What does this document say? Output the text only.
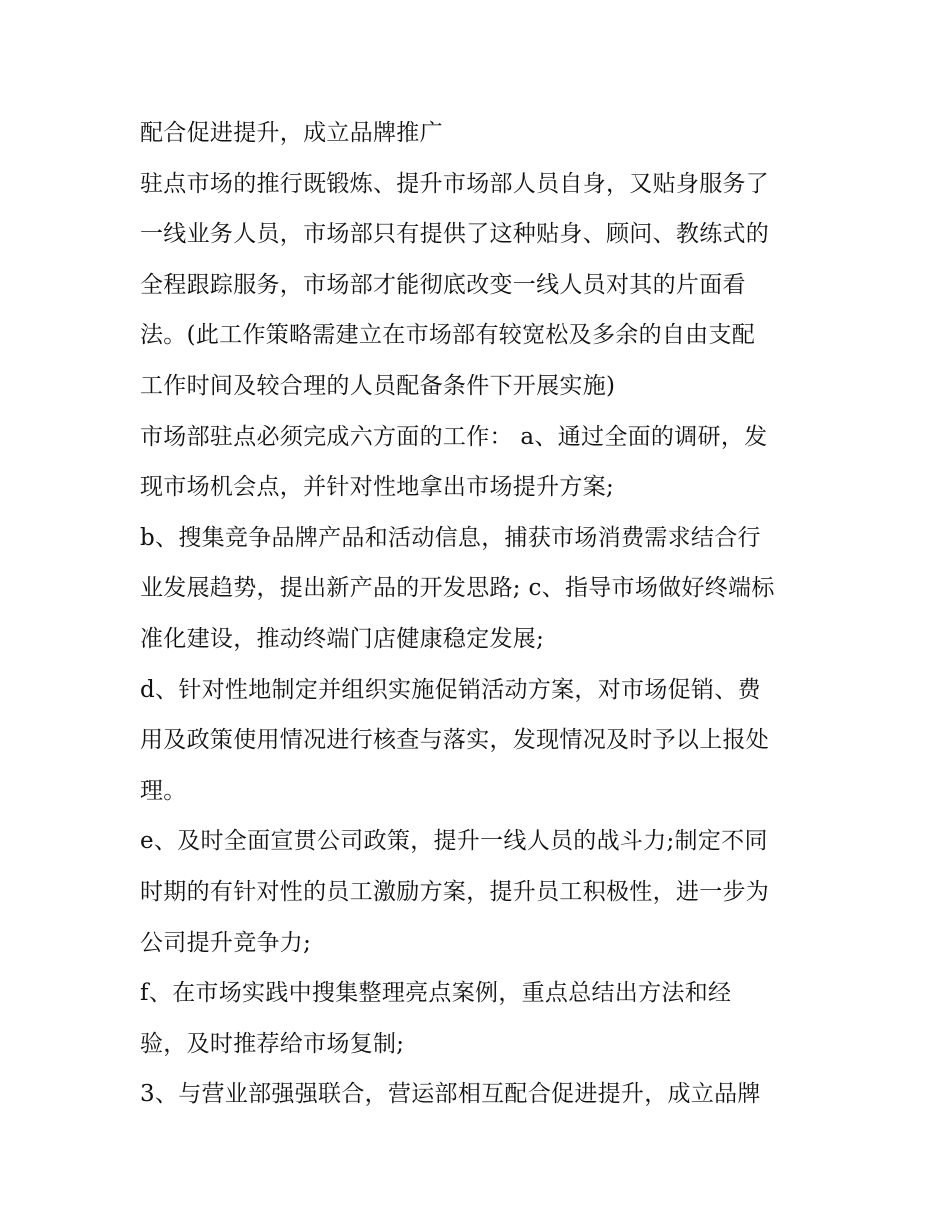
配合促进提升，成立品牌推广
驻点市场的推行既锻炼、提升市场部人员自身，又贴身服务了
一线业务人员，市场部只有提供了这种贴身、顾问、教练式的
全程跟踪服务，市场部才能彻底改变一线人员对其的片面看
法。(此工作策略需建立在市场部有较宽松及多余的自由支配
工作时间及较合理的人员配备条件下开展实施)
市场部驻点必须完成六方面的工作： a、通过全面的调研，发
现市场机会点，并针对性地拿出市场提升方案;
b、搜集竞争品牌产品和活动信息，捕获市场消费需求结合行
业发展趋势，提出新产品的开发思路; c、指导市场做好终端标
准化建设，推动终端门店健康稳定发展;
d、针对性地制定并组织实施促销活动方案，对市场促销、费
用及政策使用情况进行核查与落实，发现情况及时予以上报处
理。
e、及时全面宣贯公司政策，提升一线人员的战斗力;制定不同
时期的有针对性的员工激励方案，提升员工积极性，进一步为
公司提升竞争力;
f、在市场实践中搜集整理亮点案例，重点总结出方法和经
验，及时推荐给市场复制;
3、与营业部强强联合，营运部相互配合促进提升，成立品牌
